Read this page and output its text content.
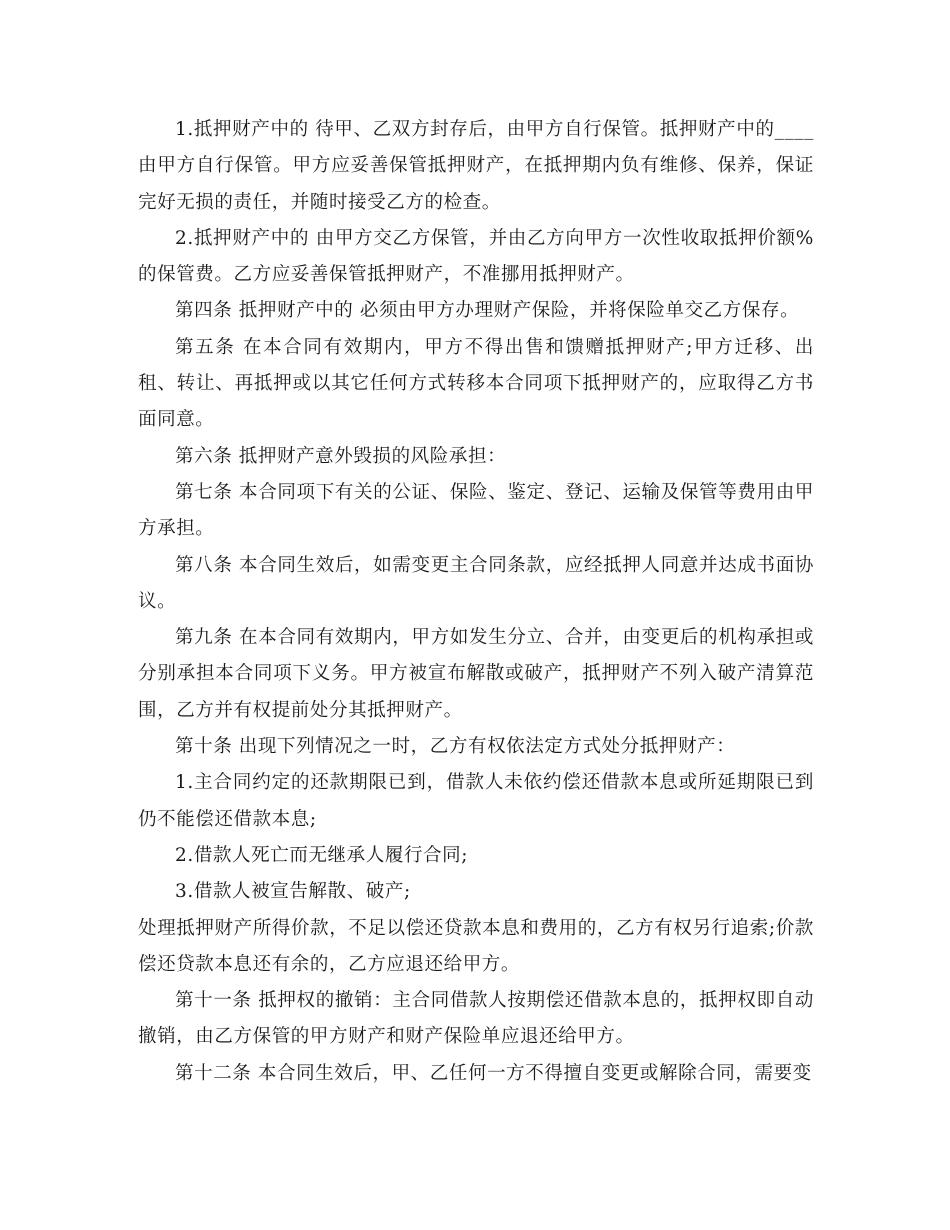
1.抵押财产中的 待甲、乙双方封存后，由甲方自行保管。抵押财产中的____由甲方自行保管。甲方应妥善保管抵押财产，在抵押期内负有维修、保养，保证完好无损的责任，并随时接受乙方的检查。

2.抵押财产中的 由甲方交乙方保管，并由乙方向甲方一次性收取抵押价额%的保管费。乙方应妥善保管抵押财产，不准挪用抵押财产。

第四条 抵押财产中的 必须由甲方办理财产保险，并将保险单交乙方保存。

第五条 在本合同有效期内，甲方不得出售和馈赠抵押财产;甲方迁移、出租、转让、再抵押或以其它任何方式转移本合同项下抵押财产的，应取得乙方书面同意。

第六条 抵押财产意外毁损的风险承担：

第七条 本合同项下有关的公证、保险、鉴定、登记、运输及保管等费用由甲方承担。

第八条 本合同生效后，如需变更主合同条款，应经抵押人同意并达成书面协议。

第九条 在本合同有效期内，甲方如发生分立、合并，由变更后的机构承担或分别承担本合同项下义务。甲方被宣布解散或破产，抵押财产不列入破产清算范围，乙方并有权提前处分其抵押财产。

第十条 出现下列情况之一时，乙方有权依法定方式处分抵押财产：

1.主合同约定的还款期限已到，借款人未依约偿还借款本息或所延期限已到仍不能偿还借款本息;

2.借款人死亡而无继承人履行合同;

3.借款人被宣告解散、破产;

处理抵押财产所得价款，不足以偿还贷款本息和费用的，乙方有权另行追索;价款偿还贷款本息还有余的，乙方应退还给甲方。

第十一条 抵押权的撤销：主合同借款人按期偿还借款本息的，抵押权即自动撤销，由乙方保管的甲方财产和财产保险单应退还给甲方。

第十二条 本合同生效后，甲、乙任何一方不得擅自变更或解除合同，需要变
